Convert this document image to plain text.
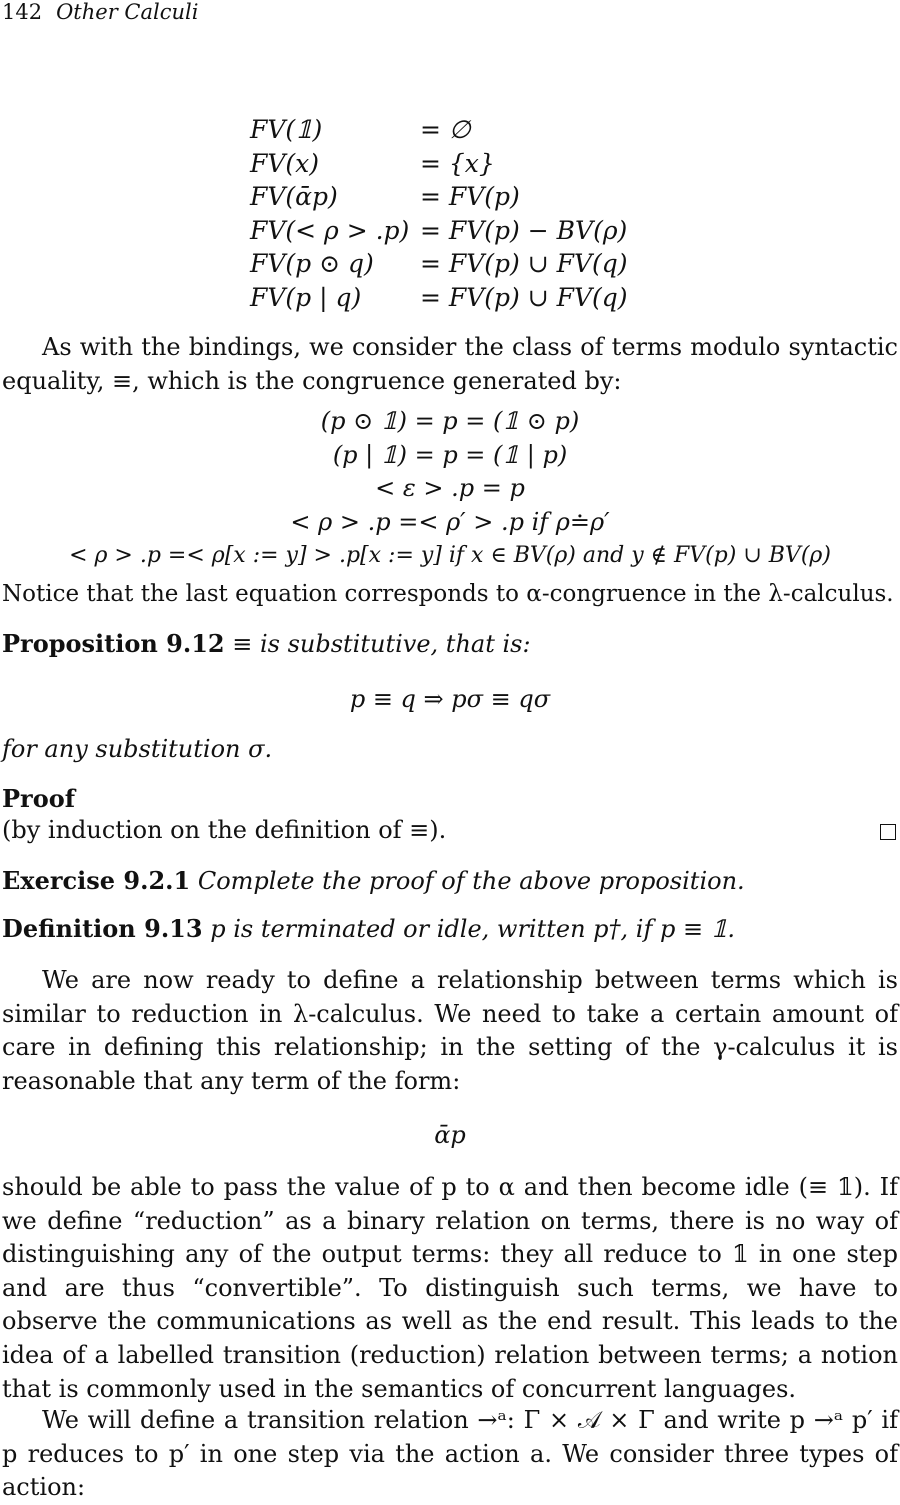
142 Other Calculi
FV(𝟙)	= ∅
FV(x)	= {x}
FV(ᾱp)	= FV(p)
FV(< ρ > .p) = FV(p) − BV(ρ)
FV(p ⊙ q)	= FV(p) ∪ FV(q)
FV(p | q)	= FV(p) ∪ FV(q)
As with the bindings, we consider the class of terms modulo syntactic equality, ≡, which is the congruence generated by:
(p ⊙ 𝟙) = p = (𝟙 ⊙ p)
(p | 𝟙) = p = (𝟙 | p)
< ε > .p = p
< ρ > .p =< ρ′ > .p if ρ≐ρ′
< ρ > .p =< ρ[x := y] > .p[x := y] if x ∈ BV(ρ) and y ∉ FV(p) ∪ BV(ρ)
Notice that the last equation corresponds to α-congruence in the λ-calculus.
Proposition 9.12 ≡ is substitutive, that is:
p ≡ q ⇒ pσ ≡ qσ
for any substitution σ.
Proof
(by induction on the definition of ≡).
Exercise 9.2.1 Complete the proof of the above proposition.
Definition 9.13 p is terminated or idle, written p†, if p ≡ 𝟙.
We are now ready to define a relationship between terms which is similar to reduction in λ-calculus. We need to take a certain amount of care in defining this relationship; in the setting of the γ-calculus it is reasonable that any term of the form:
ᾱp
should be able to pass the value of p to α and then become idle (≡ 𝟙). If we define “reduction” as a binary relation on terms, there is no way of distinguishing any of the output terms: they all reduce to 𝟙 in one step and are thus “convertible”. To distinguish such terms, we have to observe the communications as well as the end result. This leads to the idea of a labelled transition (reduction) relation between terms; a notion that is commonly used in the semantics of concurrent languages.
We will define a transition relation →ᵃ: Γ × 𝒜 × Γ and write p →ᵃ p′ if p reduces to p′ in one step via the action a. We consider three types of action:
